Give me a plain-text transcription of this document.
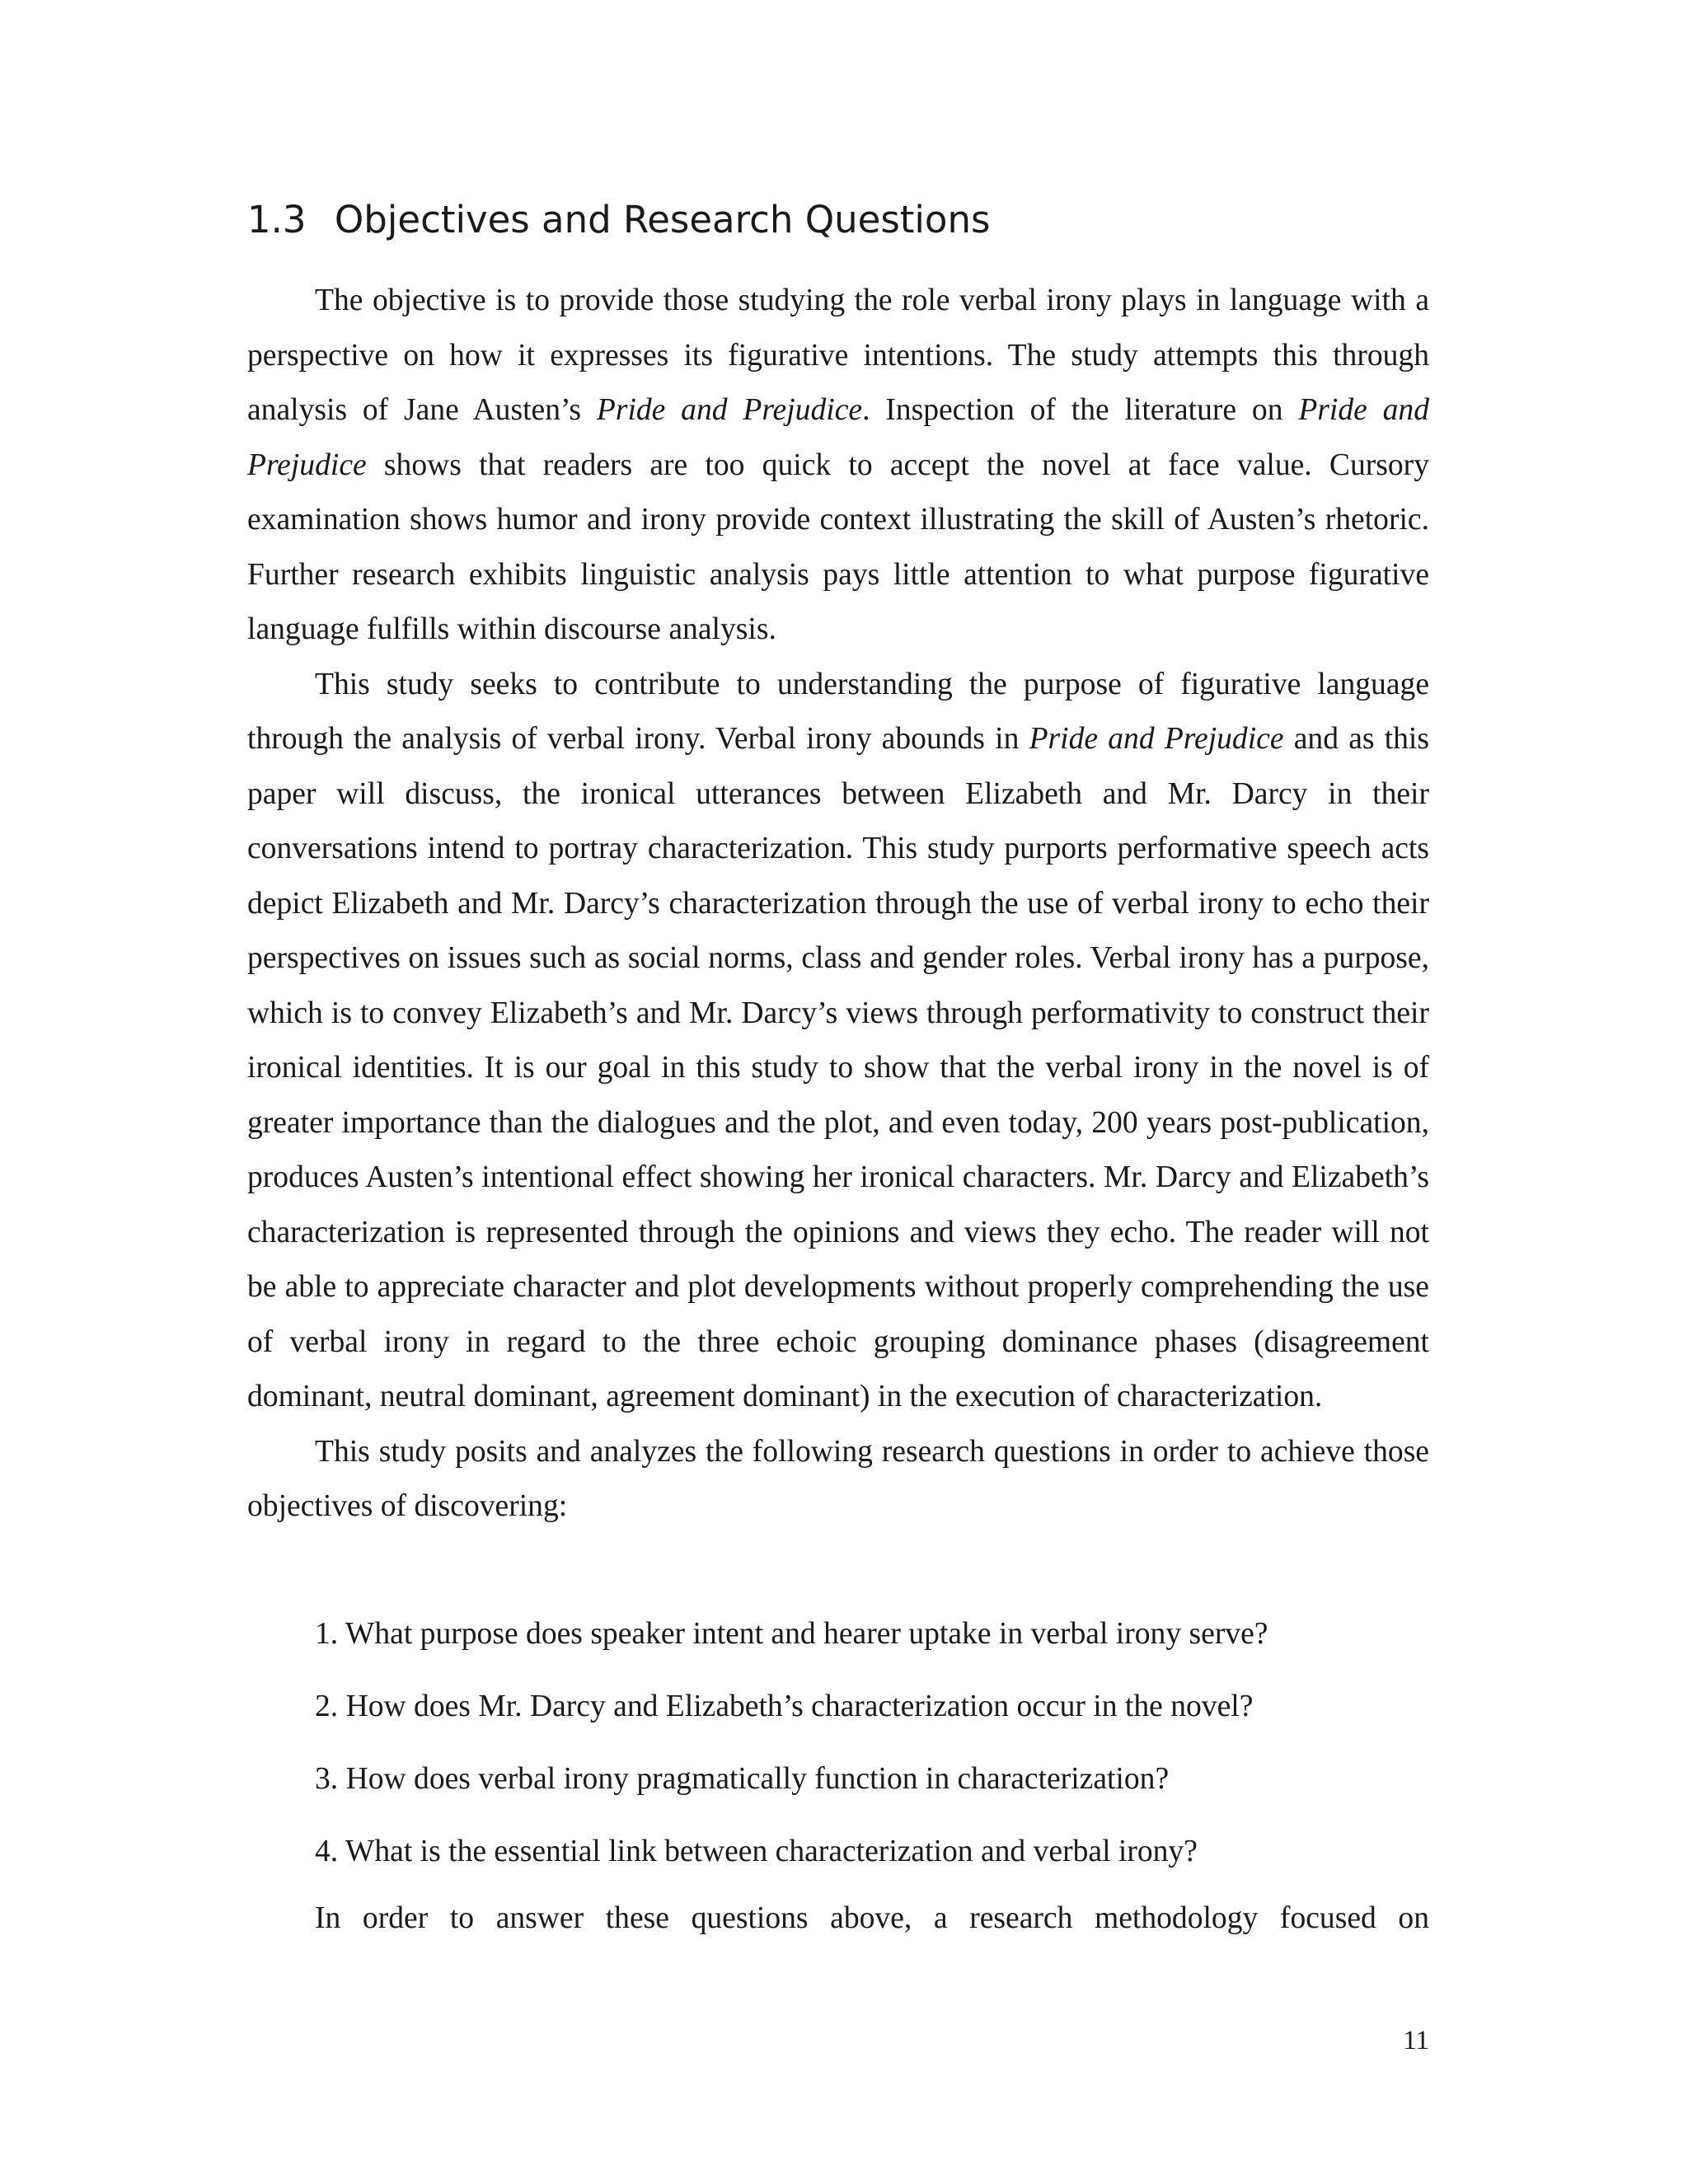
1.3 Objectives and Research Questions

The objective is to provide those studying the role verbal irony plays in language with a perspective on how it expresses its figurative intentions. The study attempts this through analysis of Jane Austen’s Pride and Prejudice. Inspection of the literature on Pride and Prejudice shows that readers are too quick to accept the novel at face value. Cursory examination shows humor and irony provide context illustrating the skill of Austen’s rhetoric. Further research exhibits linguistic analysis pays little attention to what purpose figurative language fulfills within discourse analysis.

This study seeks to contribute to understanding the purpose of figurative language through the analysis of verbal irony. Verbal irony abounds in Pride and Prejudice and as this paper will discuss, the ironical utterances between Elizabeth and Mr. Darcy in their conversations intend to portray characterization. This study purports performative speech acts depict Elizabeth and Mr. Darcy’s characterization through the use of verbal irony to echo their perspectives on issues such as social norms, class and gender roles. Verbal irony has a purpose, which is to convey Elizabeth’s and Mr. Darcy’s views through performativity to construct their ironical identities. It is our goal in this study to show that the verbal irony in the novel is of greater importance than the dialogues and the plot, and even today, 200 years post-publication, produces Austen’s intentional effect showing her ironical characters. Mr. Darcy and Elizabeth’s characterization is represented through the opinions and views they echo. The reader will not be able to appreciate character and plot developments without properly comprehending the use of verbal irony in regard to the three echoic grouping dominance phases (disagreement dominant, neutral dominant, agreement dominant) in the execution of characterization.

This study posits and analyzes the following research questions in order to achieve those objectives of discovering:

1. What purpose does speaker intent and hearer uptake in verbal irony serve?
2. How does Mr. Darcy and Elizabeth’s characterization occur in the novel?
3. How does verbal irony pragmatically function in characterization?
4. What is the essential link between characterization and verbal irony?

In order to answer these questions above, a research methodology focused on

11
